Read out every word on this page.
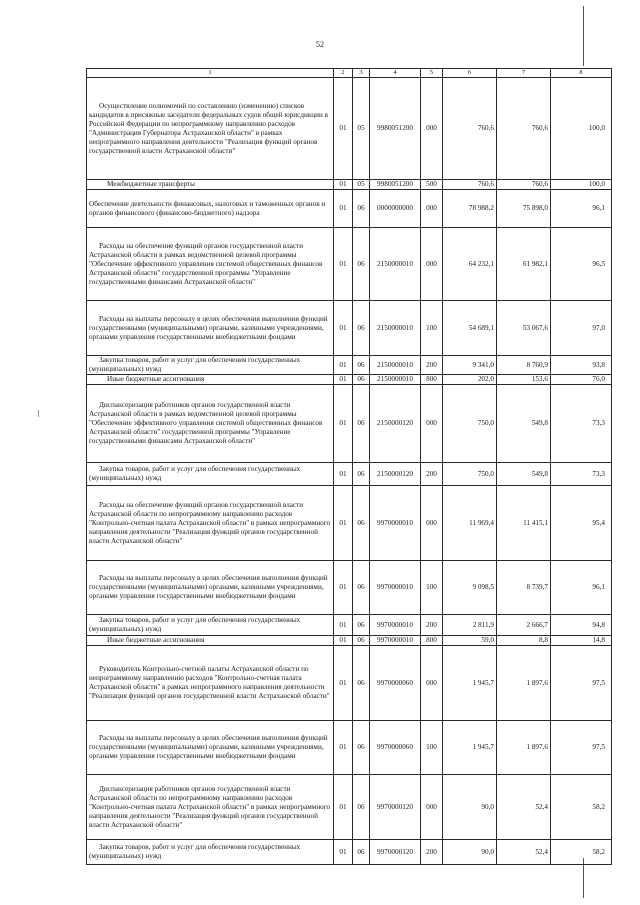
52
1	2	3	4	5	6	7	8
Осуществление полномочий по составлению (изменению) списков кандидатов в присяжные заседатели федеральных судов общей юрисдикции в Российской Федерации по непрограммному направлению расходов "Администрация Губернатора Астраханской области" в рамках непрограммного направления деятельности "Реализация функций органов государственной власти Астраханской области"	01	05	9980051200	000	760,6	760,6	100,0
Межбюджетные трансферты	01	05	9980051200	500	760,6	760,6	100,0
Обеспечение деятельности финансовых, налоговых и таможенных органов и органов финансового (финансово-бюджетного) надзора	01	06	0000000000	000	78 988,2	75 898,0	96,1
Расходы на обеспечение функций органов государственной власти Астраханской области в рамках ведомственной целевой программы "Обеспечение эффективного управления системой общественных финансов Астраханской области" государственной программы "Управление государственными финансами Астраханской области"	01	06	2150000010	000	64 232,1	61 982,1	96,5
Расходы на выплаты персоналу в целях обеспечения выполнения функций государственными (муниципальными) органами, казенными учреждениями, органами управления государственными внебюджетными фондами	01	06	2150000010	100	54 689,1	53 067,6	97,0
Закупка товаров, работ и услуг для обеспечения государственных (муниципальных) нужд	01	06	2150000010	200	9 341,0	8 760,9	93,8
Иные бюджетные ассигнования	01	06	2150000010	800	202,0	153,6	76,0
Диспансеризация работников органов государственной власти Астраханской области в рамках ведомственной целевой программы "Обеспечение эффективного управления системой общественных финансов Астраханской области" государственной программы "Управление государственными финансами Астраханской области"	01	06	2150000120	000	750,0	549,8	73,3
Закупка товаров, работ и услуг для обеспечения государственных (муниципальных) нужд	01	06	2150000120	200	750,0	549,8	73,3
Расходы на обеспечение функций органов государственной власти Астраханской области по непрограммному направлению расходов "Контрольно-счетная палата Астраханской области" в рамках непрограммного направления деятельности "Реализация функций органов государственной власти Астраханской области"	01	06	9970000010	000	11 969,4	11 415,1	95,4
Расходы на выплаты персоналу в целях обеспечения выполнения функций государственными (муниципальными) органами, казенными учреждениями, органами управления государственными внебюджетными фондами	01	06	9970000010	100	9 098,5	8 739,7	96,1
Закупка товаров, работ и услуг для обеспечения государственных (муниципальных) нужд	01	06	9970000010	200	2 811,9	2 666,7	94,8
Иные бюджетные ассигнования	01	06	9970000010	800	59,0	8,8	14,8
Руководитель Контрольно-счетной палаты Астраханской области по непрограммному направлению расходов "Контрольно-счетная палата Астраханской области" в рамках непрограммного направления деятельности "Реализация функций органов государственной власти Астраханской области"	01	06	9970000060	000	1 945,7	1 897,6	97,5
Расходы на выплаты персоналу в целях обеспечения выполнения функций государственными (муниципальными) органами, казенными учреждениями, органами управления государственными внебюджетными фондами	01	06	9970000060	100	1 945,7	1 897,6	97,5
Диспансеризация работников органов государственной власти Астраханской области по непрограммному направлению расходов "Контрольно-счетная палата Астраханской области" в рамках непрограммного направления деятельности "Реализация функций органов государственной власти Астраханской области"	01	06	9970000120	000	90,0	52,4	58,2
Закупка товаров, работ и услуг для обеспечения государственных (муниципальных) нужд	01	06	9970000120	200	90,0	52,4	58,2
